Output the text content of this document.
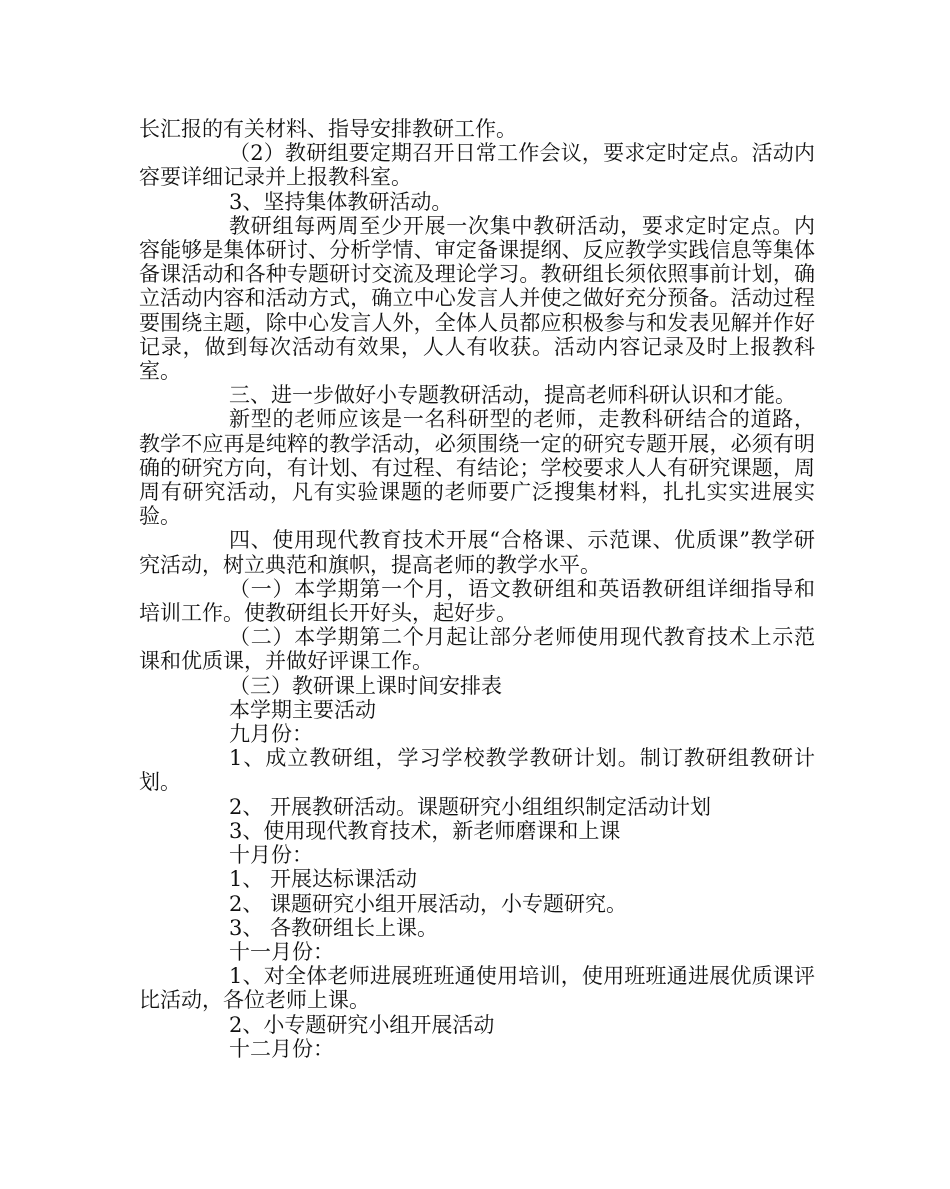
长汇报的有关材料、指导安排教研工作。

（2）教研组要定期召开日常工作会议，要求定时定点。活动内容要详细记录并上报教科室。

3、坚持集体教研活动。

教研组每两周至少开展一次集中教研活动，要求定时定点。内容能够是集体研讨、分析学情、审定备课提纲、反应教学实践信息等集体备课活动和各种专题研讨交流及理论学习。教研组长须依照事前计划，确立活动内容和活动方式，确立中心发言人并使之做好充分预备。活动过程要围绕主题，除中心发言人外，全体人员都应积极参与和发表见解并作好记录，做到每次活动有效果，人人有收获。活动内容记录及时上报教科室。

三、进一步做好小专题教研活动，提高老师科研认识和才能。

新型的老师应该是一名科研型的老师，走教科研结合的道路，教学不应再是纯粹的教学活动，必须围绕一定的研究专题开展，必须有明确的研究方向，有计划、有过程、有结论；学校要求人人有研究课题，周周有研究活动，凡有实验课题的老师要广泛搜集材料，扎扎实实进展实验。

四、使用现代教育技术开展“合格课、示范课、优质课”教学研究活动，树立典范和旗帜，提高老师的教学水平。

（一）本学期第一个月，语文教研组和英语教研组详细指导和培训工作。使教研组长开好头，起好步。

（二）本学期第二个月起让部分老师使用现代教育技术上示范课和优质课，并做好评课工作。

（三）教研课上课时间安排表

本学期主要活动

九月份：

1、成立教研组，学习学校教学教研计划。制订教研组教研计划。

2、 开展教研活动。课题研究小组组织制定活动计划

3、使用现代教育技术，新老师磨课和上课

十月份：

1、 开展达标课活动

2、 课题研究小组开展活动，小专题研究。

3、 各教研组长上课。

十一月份：

1、对全体老师进展班班通使用培训，使用班班通进展优质课评比活动，各位老师上课。

2、小专题研究小组开展活动

十二月份：
